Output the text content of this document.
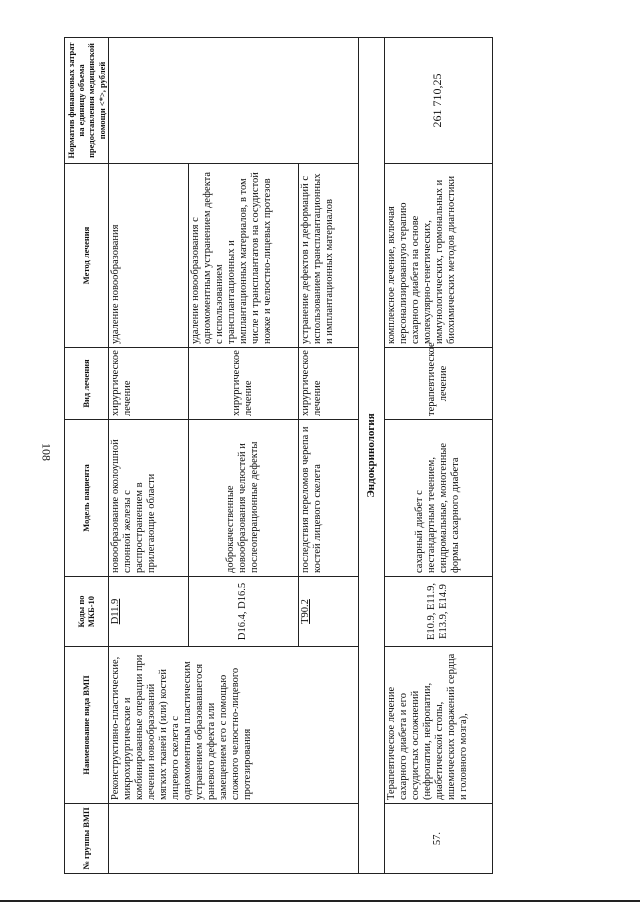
108
№ группы ВМП	Наименование вида ВМП	Коды по МКБ-10	Модель пациента	Вид лечения	Метод лечения	Норматив финансовых затрат на единицу объема предоставления медицинской помощи <*>, рублей
	Реконструктивно-пластические, микрохирургические и комбинированные операции при лечении новообразований мягких тканей и (или) костей лицевого скелета с одномоментным пластическим устранением образовавшегося раневого дефекта или замещением его с помощью сложного челюстно-лицевого протезирования	D11.9	новообразование околоушной слюнной железы с распространением в прилегающие области	хирургическое лечение	удаление новообразования	
		D16.4, D16.5	доброкачественные новообразования челюстей и послеоперационные дефекты	хирургическое лечение	удаление новообразования с одномоментным устранением дефекта с использованием трансплантационных и имплантационных материалов, в том числе и трансплантатов на сосудистой ножке и челюстно-лицевых протезов	
		T90.2	последствия переломов черепа и костей лицевого скелета	хирургическое лечение	устранение дефектов и деформаций с использованием трансплантационных и имплантационных материалов	
Эндокринология						
57.	Терапевтическое лечение сахарного диабета и его сосудистых осложнений (нефропатии, нейропатии, диабетической стопы, ишемических поражений сердца и головного мозга),	E10.9, E11.9, E13.9, E14.9	сахарный диабет с нестандартным течением, синдромальные, моногенные формы сахарного диабета	терапевтическое лечение	комплексное лечение, включая персонализированную терапию сахарного диабета на основе молекулярно-генетических, иммунологических, гормональных и биохимических методов диагностики	261 710,25
